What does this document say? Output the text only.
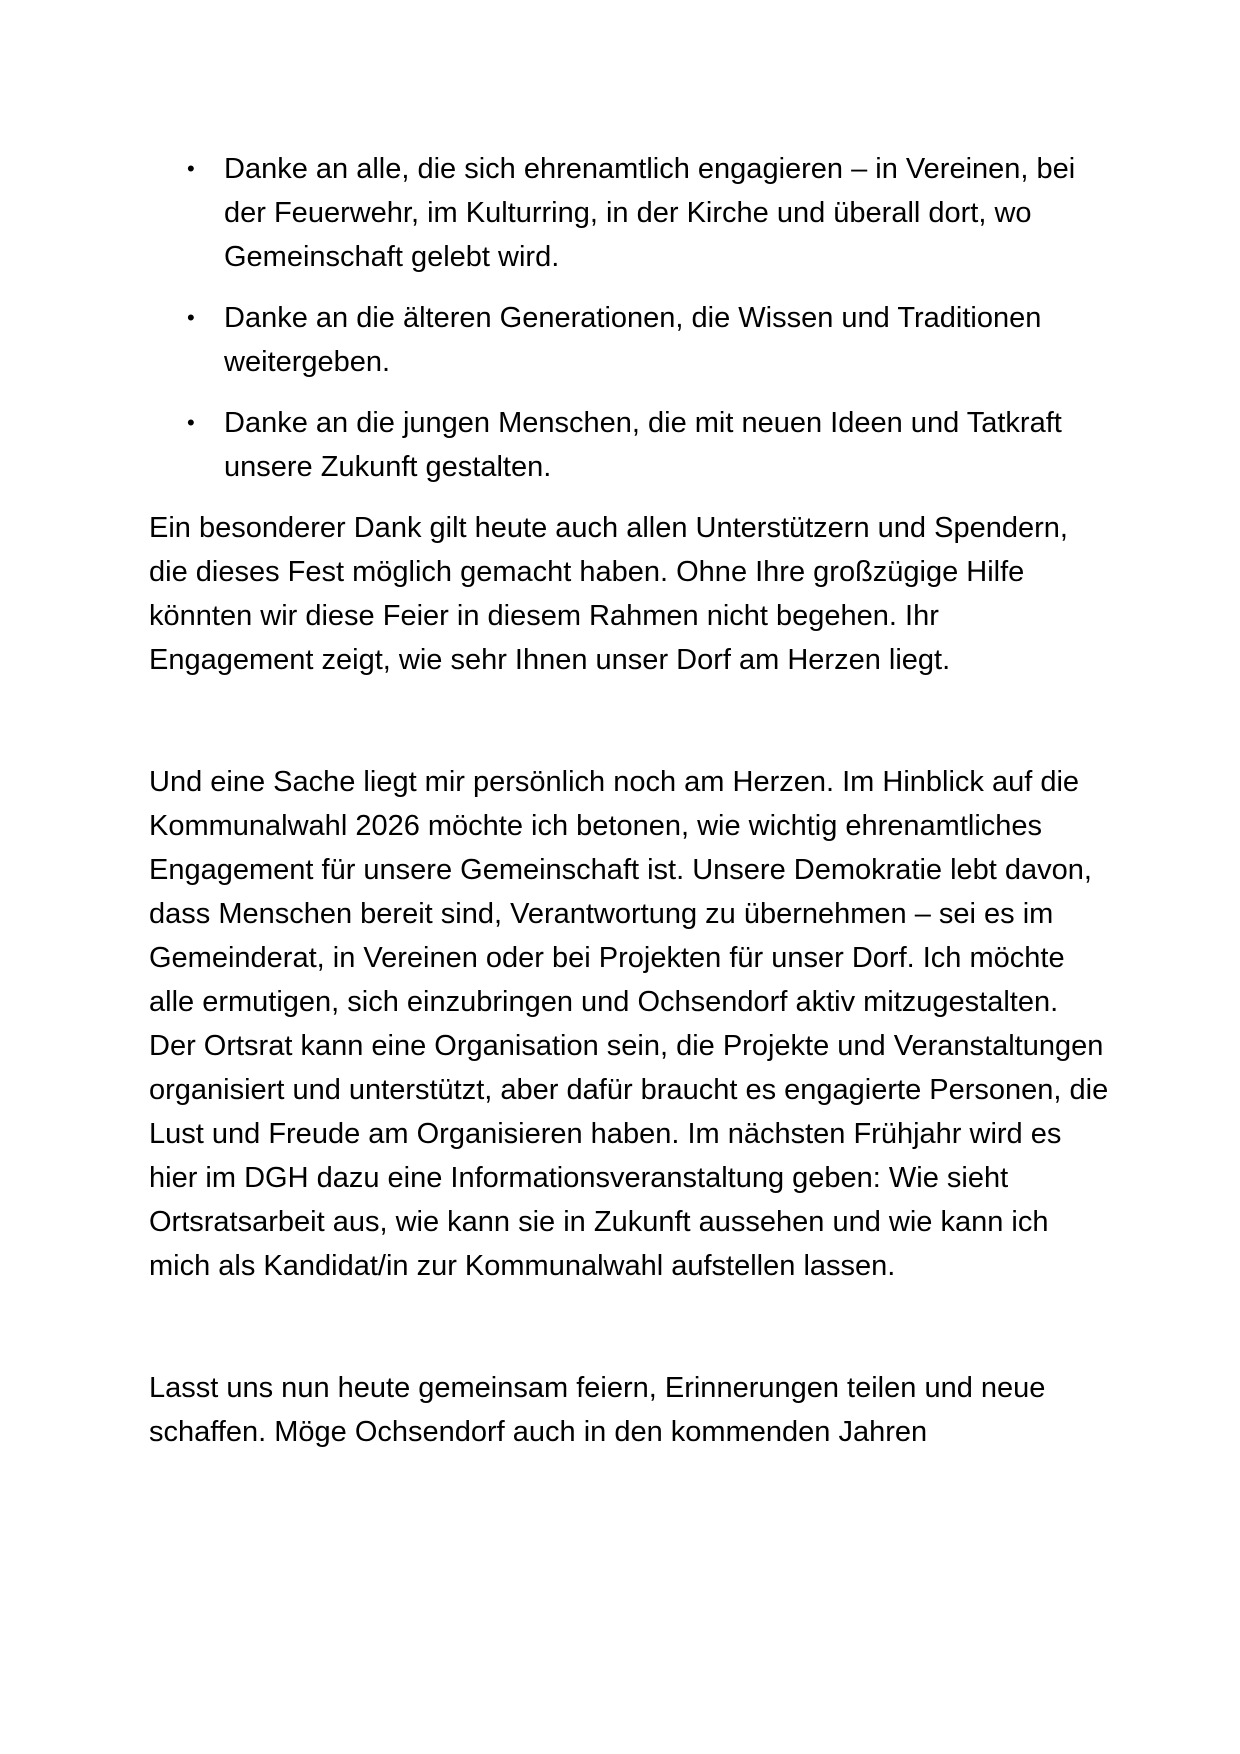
• Danke an alle, die sich ehrenamtlich engagieren – in Vereinen, bei der Feuerwehr, im Kulturring, in der Kirche und überall dort, wo Gemeinschaft gelebt wird.
• Danke an die älteren Generationen, die Wissen und Traditionen weitergeben.
• Danke an die jungen Menschen, die mit neuen Ideen und Tatkraft unsere Zukunft gestalten.

Ein besonderer Dank gilt heute auch allen Unterstützern und Spendern, die dieses Fest möglich gemacht haben. Ohne Ihre großzügige Hilfe könnten wir diese Feier in diesem Rahmen nicht begehen. Ihr Engagement zeigt, wie sehr Ihnen unser Dorf am Herzen liegt.

Und eine Sache liegt mir persönlich noch am Herzen. Im Hinblick auf die Kommunalwahl 2026 möchte ich betonen, wie wichtig ehrenamtliches Engagement für unsere Gemeinschaft ist. Unsere Demokratie lebt davon, dass Menschen bereit sind, Verantwortung zu übernehmen – sei es im Gemeinderat, in Vereinen oder bei Projekten für unser Dorf. Ich möchte alle ermutigen, sich einzubringen und Ochsendorf aktiv mitzugestalten. Der Ortsrat kann eine Organisation sein, die Projekte und Veranstaltungen organisiert und unterstützt, aber dafür braucht es engagierte Personen, die Lust und Freude am Organisieren haben. Im nächsten Frühjahr wird es hier im DGH dazu eine Informationsveranstaltung geben: Wie sieht Ortsratsarbeit aus, wie kann sie in Zukunft aussehen und wie kann ich mich als Kandidat/in zur Kommunalwahl aufstellen lassen.

Lasst uns nun heute gemeinsam feiern, Erinnerungen teilen und neue schaffen. Möge Ochsendorf auch in den kommenden Jahren
